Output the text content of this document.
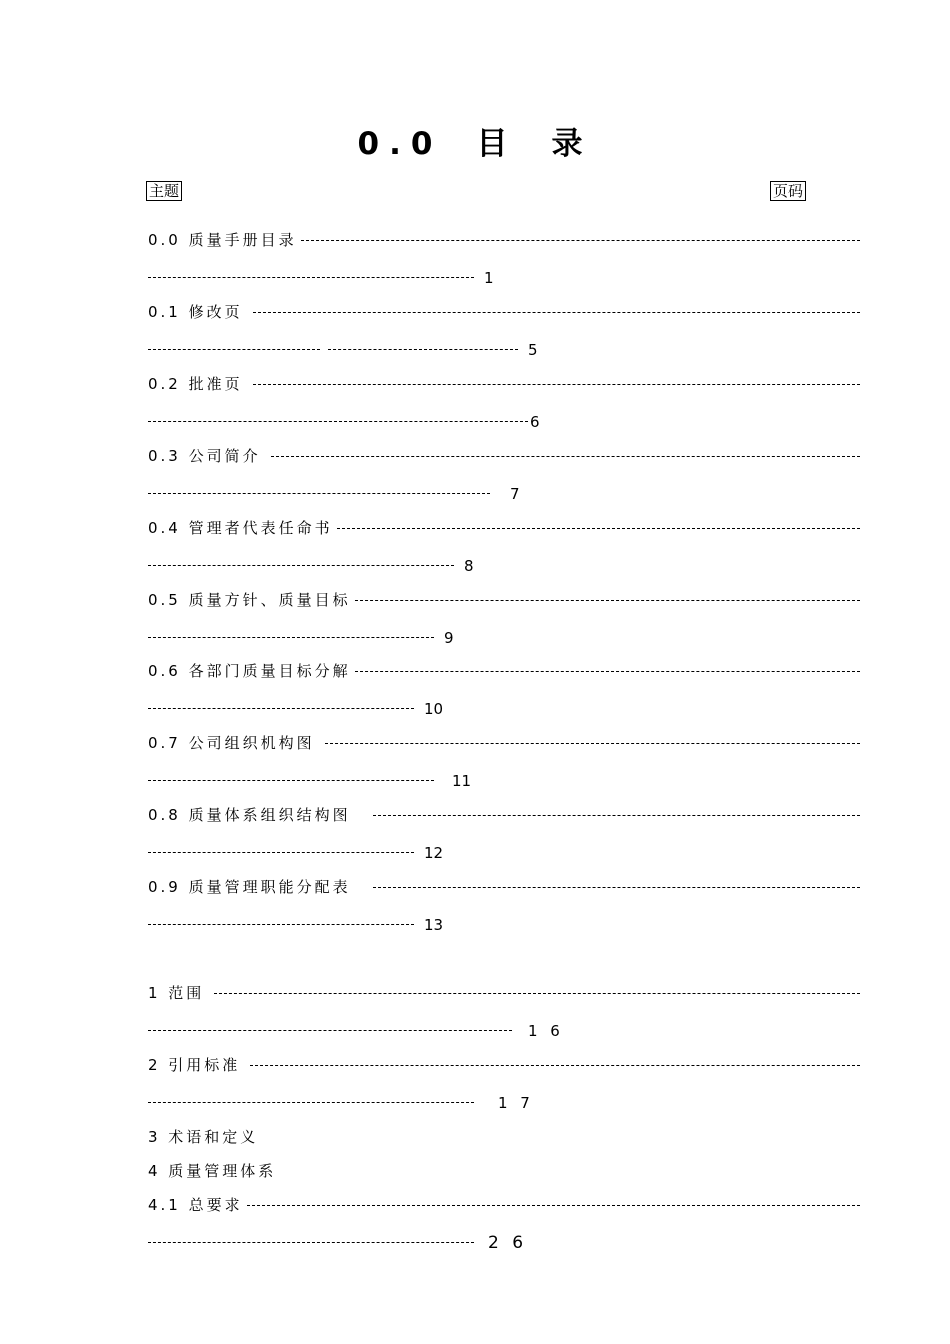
0.0 目 录
主题	页码
0.0 质量手册目录
1
0.1 修改页
5
0.2 批准页
6
0.3 公司简介
7
0.4 管理者代表任命书
8
0.5 质量方针、质量目标
9
0.6 各部门质量目标分解
10
0.7 公司组织机构图
11
0.8 质量体系组织结构图
12
0.9 质量管理职能分配表
13
1 范围
1 6
2 引用标准
1 7
3 术语和定义
4 质量管理体系
4.1 总要求
2 6
